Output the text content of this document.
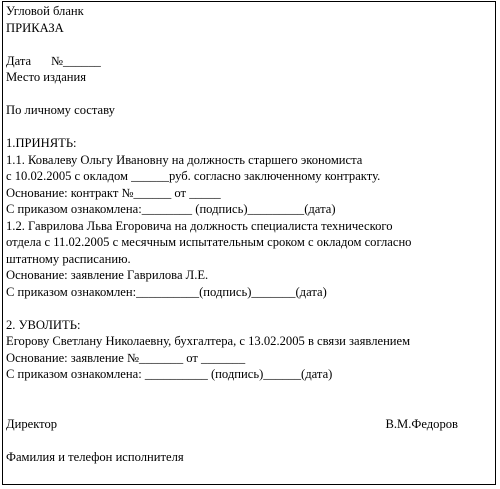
Угловой бланк
ПРИКАЗА
Дата	№______
Место издания
По личному составу
1.ПРИНЯТЬ:
1.1. Ковалеву Ольгу Ивановну на должность старшего экономиста
с 10.02.2005 с окладом ______руб. согласно заключенному контракту.
Основание: контракт №______ от _____
С приказом ознакомлена:________ (подпись)_________(дата)
1.2. Гаврилова Льва Егоровича на должность специалиста технического
отдела с 11.02.2005 с месячным испытательным сроком с окладом согласно
штатному расписанию.
Основание: заявление Гаврилова Л.Е.
С приказом ознакомлен:__________(подпись)_______(дата)
2. УВОЛИТЬ:
Егорову Светлану Николаевну, бухгалтера, с 13.02.2005 в связи заявлением
Основание: заявление №_______ от _______
С приказом ознакомлена: __________ (подпись)______(дата)
Директор	В.М.Федоров
Фамилия и телефон исполнителя
